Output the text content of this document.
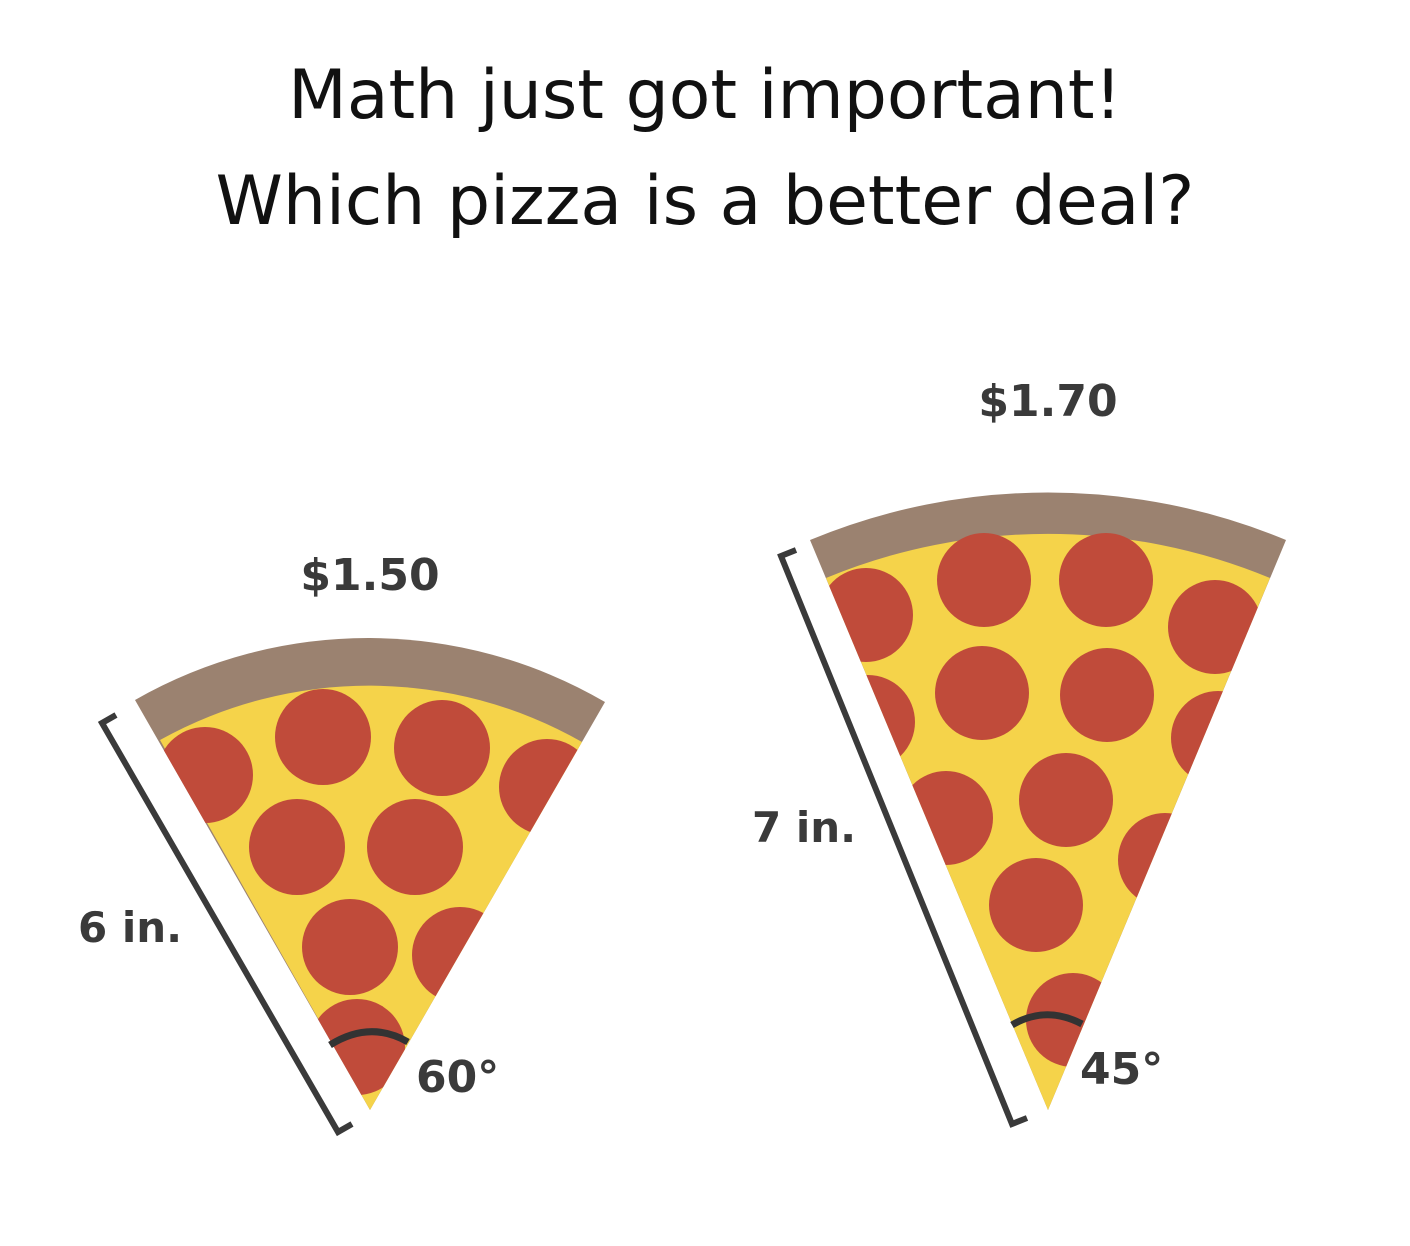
Math just got important!
Which pizza is a better deal?
$1.50
$1.70
6 in.
7 in.
60°	45°
©Mathway
